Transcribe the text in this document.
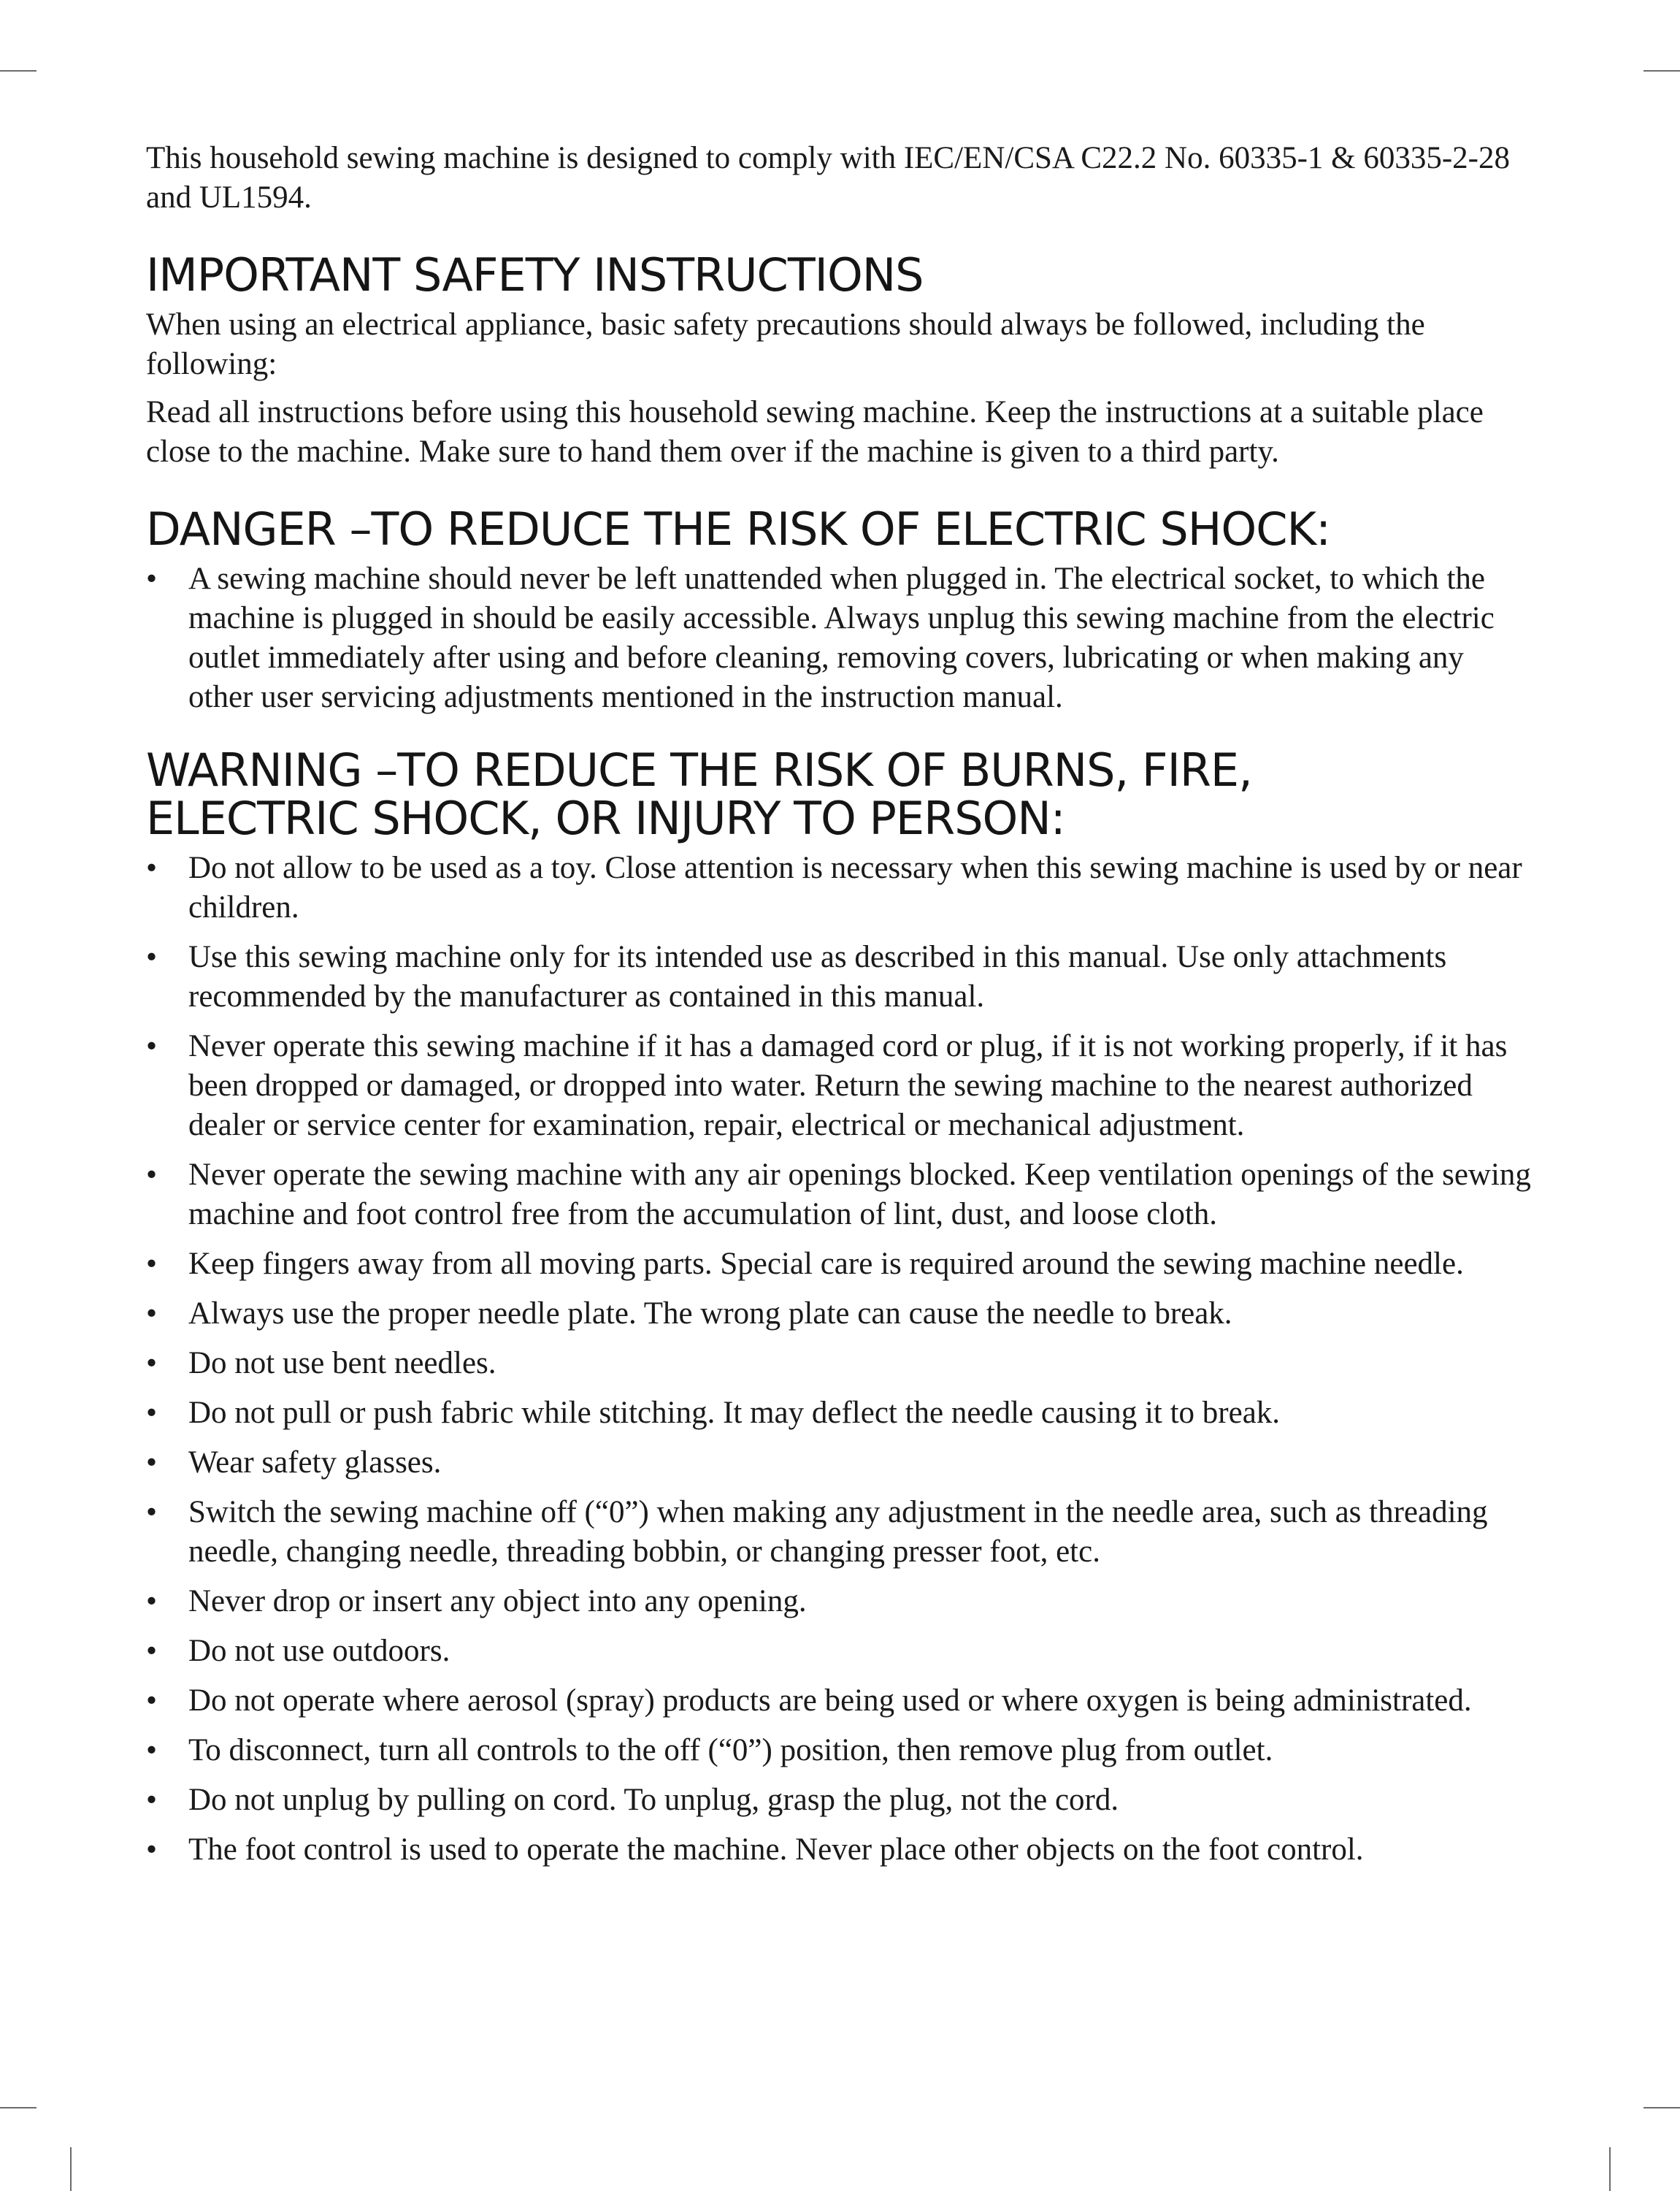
This household sewing machine is designed to comply with IEC/EN/CSA C22.2 No. 60335-1 & 60335-2-28 and UL1594.

IMPORTANT SAFETY INSTRUCTIONS

When using an electrical appliance, basic safety precautions should always be followed, including the following:

Read all instructions before using this household sewing machine. Keep the instructions at a suitable place close to the machine. Make sure to hand them over if the machine is given to a third party.

DANGER –TO REDUCE THE RISK OF ELECTRIC SHOCK:
• A sewing machine should never be left unattended when plugged in. The electrical socket, to which the machine is plugged in should be easily accessible. Always unplug this sewing machine from the electric outlet immediately after using and before cleaning, removing covers, lubricating or when making any other user servicing adjustments mentioned in the instruction manual.
WARNING –TO REDUCE THE RISK OF BURNS, FIRE,
ELECTRIC SHOCK, OR INJURY TO PERSON:
• Do not allow to be used as a toy. Close attention is necessary when this sewing machine is used by or near children.
• Use this sewing machine only for its intended use as described in this manual. Use only attachments recommended by the manufacturer as contained in this manual.
• Never operate this sewing machine if it has a damaged cord or plug, if it is not working properly, if it has been dropped or damaged, or dropped into water. Return the sewing machine to the nearest authorized dealer or service center for examination, repair, electrical or mechanical adjustment.
• Never operate the sewing machine with any air openings blocked. Keep ventilation openings of the sewing machine and foot control free from the accumulation of lint, dust, and loose cloth.
• Keep fingers away from all moving parts. Special care is required around the sewing machine needle.
• Always use the proper needle plate. The wrong plate can cause the needle to break.
• Do not use bent needles.
• Do not pull or push fabric while stitching. It may deflect the needle causing it to break.
• Wear safety glasses.
• Switch the sewing machine off (“0”) when making any adjustment in the needle area, such as threading needle, changing needle, threading bobbin, or changing presser foot, etc.
• Never drop or insert any object into any opening.
• Do not use outdoors.
• Do not operate where aerosol (spray) products are being used or where oxygen is being administrated.
• To disconnect, turn all controls to the off (“0”) position, then remove plug from outlet.
• Do not unplug by pulling on cord. To unplug, grasp the plug, not the cord.
• The foot control is used to operate the machine. Never place other objects on the foot control.
